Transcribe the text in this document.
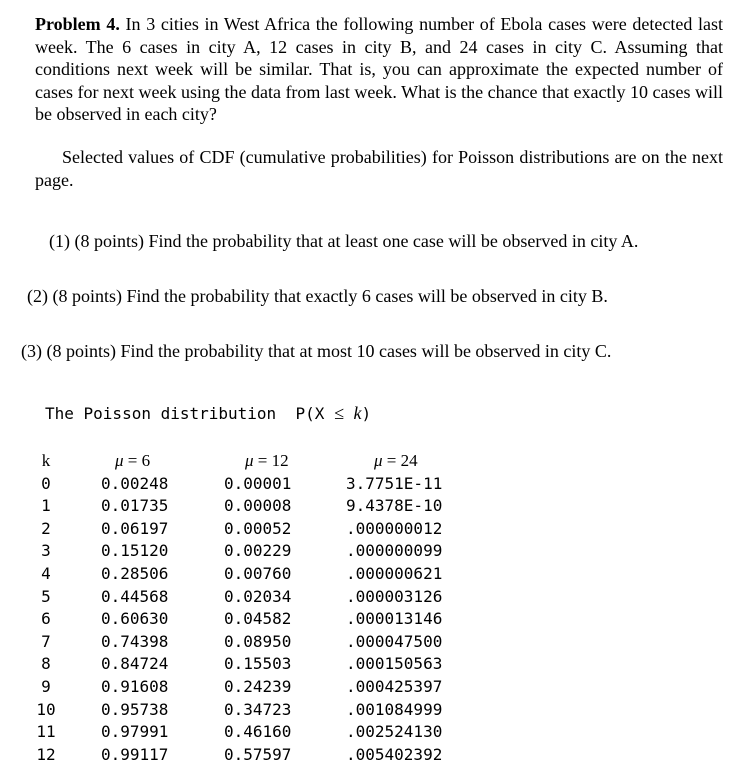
Problem 4. In 3 cities in West Africa the following number of Ebola cases were detected last week. The 6 cases in city A, 12 cases in city B, and 24 cases in city C. Assuming that conditions next week will be similar. That is, you can approximate the expected number of cases for next week using the data from last week. What is the chance that exactly 10 cases will be observed in each city?

Selected values of CDF (cumulative probabilities) for Poisson distributions are on the next page.

(1) (8 points) Find the probability that at least one case will be observed in city A.

(2) (8 points) Find the probability that exactly 6 cases will be observed in city B.

(3) (8 points) Find the probability that at most 10 cases will be observed in city C.

The Poisson distribution P(X ≤ k)
k
0
1
2
3
4
5
6
7
8
9
10
11
12
μ = 6
0.00248
0.01735
0.06197
0.15120
0.28506
0.44568
0.60630
0.74398
0.84724
0.91608
0.95738
0.97991
0.99117
μ = 12
0.00001
0.00008
0.00052
0.00229
0.00760
0.02034
0.04582
0.08950
0.15503
0.24239
0.34723
0.46160
0.57597
μ = 24
3.7751E-11
9.4378E-10
.000000012
.000000099
.000000621
.000003126
.000013146
.000047500
.000150563
.000425397
.001084999
.002524130
.005402392
